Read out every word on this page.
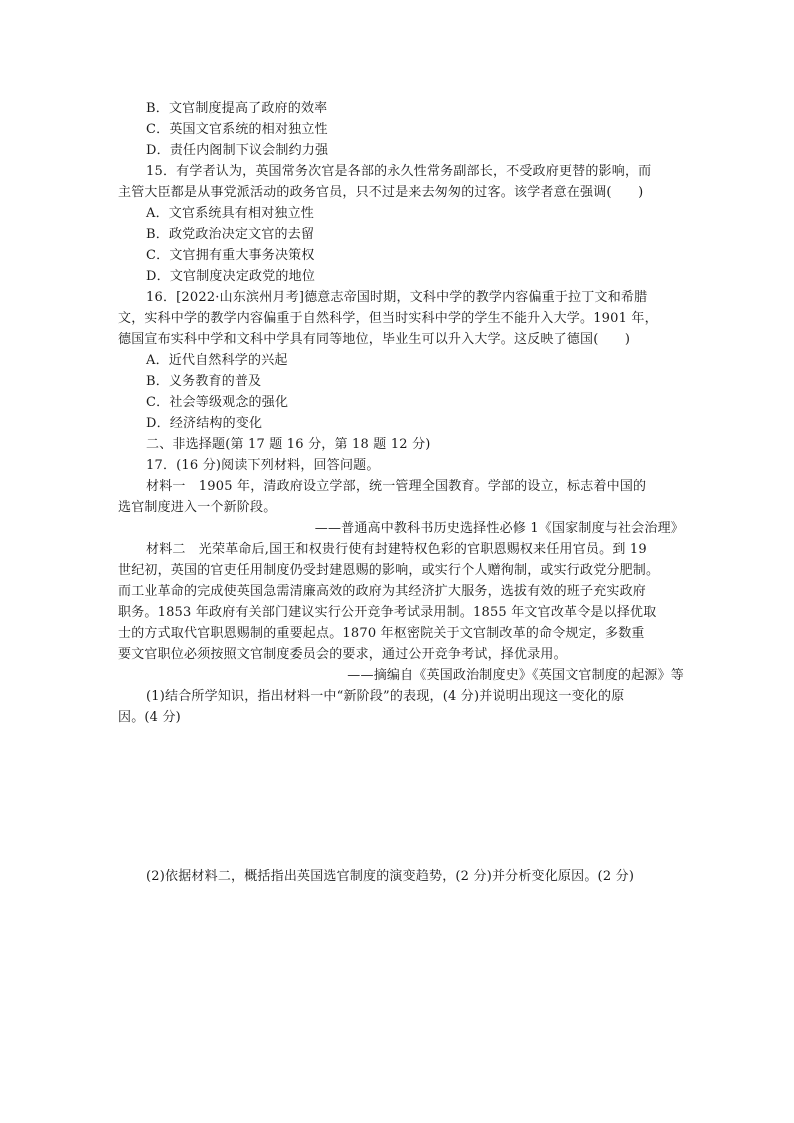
B．文官制度提高了政府的效率
C．英国文官系统的相对独立性
D．责任内阁制下议会制约力强
15．有学者认为，英国常务次官是各部的永久性常务副部长，不受政府更替的影响，而
主管大臣都是从事党派活动的政务官员，只不过是来去匆匆的过客。该学者意在强调(　　)
A．文官系统具有相对独立性
B．政党政治决定文官的去留
C．文官拥有重大事务决策权
D．文官制度决定政党的地位
16．[2022·山东滨州月考]德意志帝国时期，文科中学的教学内容偏重于拉丁文和希腊
文，实科中学的教学内容偏重于自然科学，但当时实科中学的学生不能升入大学。1901 年，
德国宣布实科中学和文科中学具有同等地位，毕业生可以升入大学。这反映了德国(　　)
A．近代自然科学的兴起
B．义务教育的普及
C．社会等级观念的强化
D．经济结构的变化
二、非选择题(第 17 题 16 分，第 18 题 12 分)
17．(16 分)阅读下列材料，回答问题。
材料一　1905 年，清政府设立学部，统一管理全国教育。学部的设立，标志着中国的
选官制度进入一个新阶段。
——普通高中教科书历史选择性必修 1《国家制度与社会治理》
材料二　光荣革命后,国王和权贵行使有封建特权色彩的官职恩赐权来任用官员。到 19
世纪初，英国的官吏任用制度仍受封建恩赐的影响，或实行个人赠徇制，或实行政党分肥制。
而工业革命的完成使英国急需清廉高效的政府为其经济扩大服务，选拔有效的班子充实政府
职务。1853 年政府有关部门建议实行公开竞争考试录用制。1855 年文官改革令是以择优取
士的方式取代官职恩赐制的重要起点。1870 年枢密院关于文官制改革的命令规定，多数重
要文官职位必须按照文官制度委员会的要求，通过公开竞争考试，择优录用。
——摘编自《英国政治制度史》《英国文官制度的起源》等
(1)结合所学知识，指出材料一中“新阶段”的表现，(4 分)并说明出现这一变化的原
因。(4 分)
(2)依据材料二，概括指出英国选官制度的演变趋势，(2 分)并分析变化原因。(2 分)
